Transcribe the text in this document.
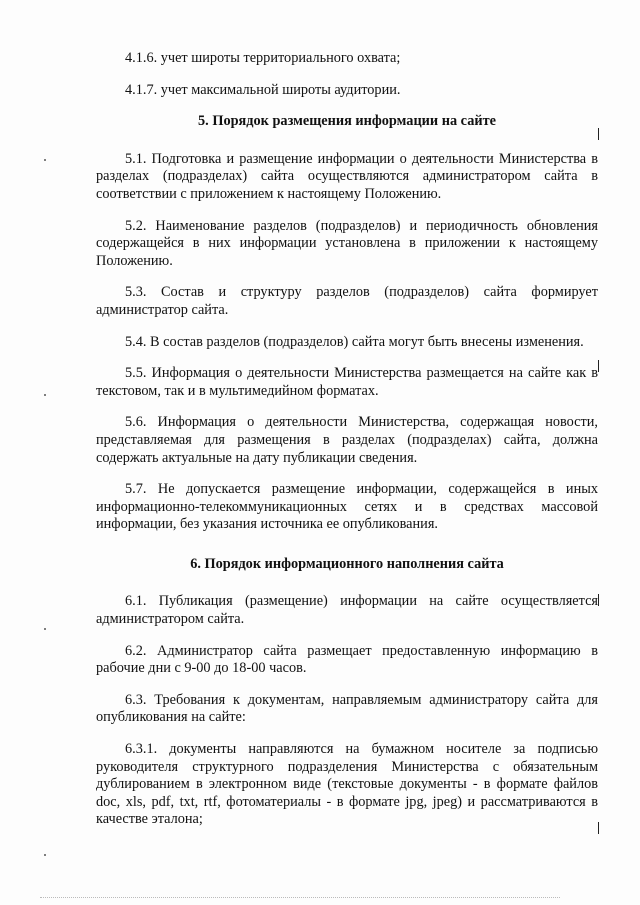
4.1.6. учет широты территориального охвата;

4.1.7. учет максимальной широты аудитории.

5. Порядок размещения информации на сайте

5.1. Подготовка и размещение информации о деятельности Министерства в разделах (подразделах) сайта осуществляются администратором сайта в соответствии с приложением к настоящему Положению.

5.2. Наименование разделов (подразделов) и периодичность обновления содержащейся в них информации установлена в приложении к настоящему Положению.

5.3. Состав и структуру разделов (подразделов) сайта формирует администратор сайта.

5.4. В состав разделов (подразделов) сайта могут быть внесены изменения.

5.5. Информация о деятельности Министерства размещается на сайте как в текстовом, так и в мультимедийном форматах.

5.6. Информация о деятельности Министерства, содержащая новости, представляемая для размещения в разделах (подразделах) сайта, должна содержать актуальные на дату публикации сведения.

5.7. Не допускается размещение информации, содержащейся в иных информационно-телекоммуникационных сетях и в средствах массовой информации, без указания источника ее опубликования.

6. Порядок информационного наполнения сайта

6.1. Публикация (размещение) информации на сайте осуществляется администратором сайта.

6.2. Администратор сайта размещает предоставленную информацию в рабочие дни с 9-00 до 18-00 часов.

6.3. Требования к документам, направляемым администратору сайта для опубликования на сайте:

6.3.1. документы направляются на бумажном носителе за подписью руководителя структурного подразделения Министерства с обязательным дублированием в электронном виде (текстовые документы - в формате файлов doc, xls, pdf, txt, rtf, фотоматериалы - в формате jpg, jpeg) и рассматриваются в качестве эталона;
